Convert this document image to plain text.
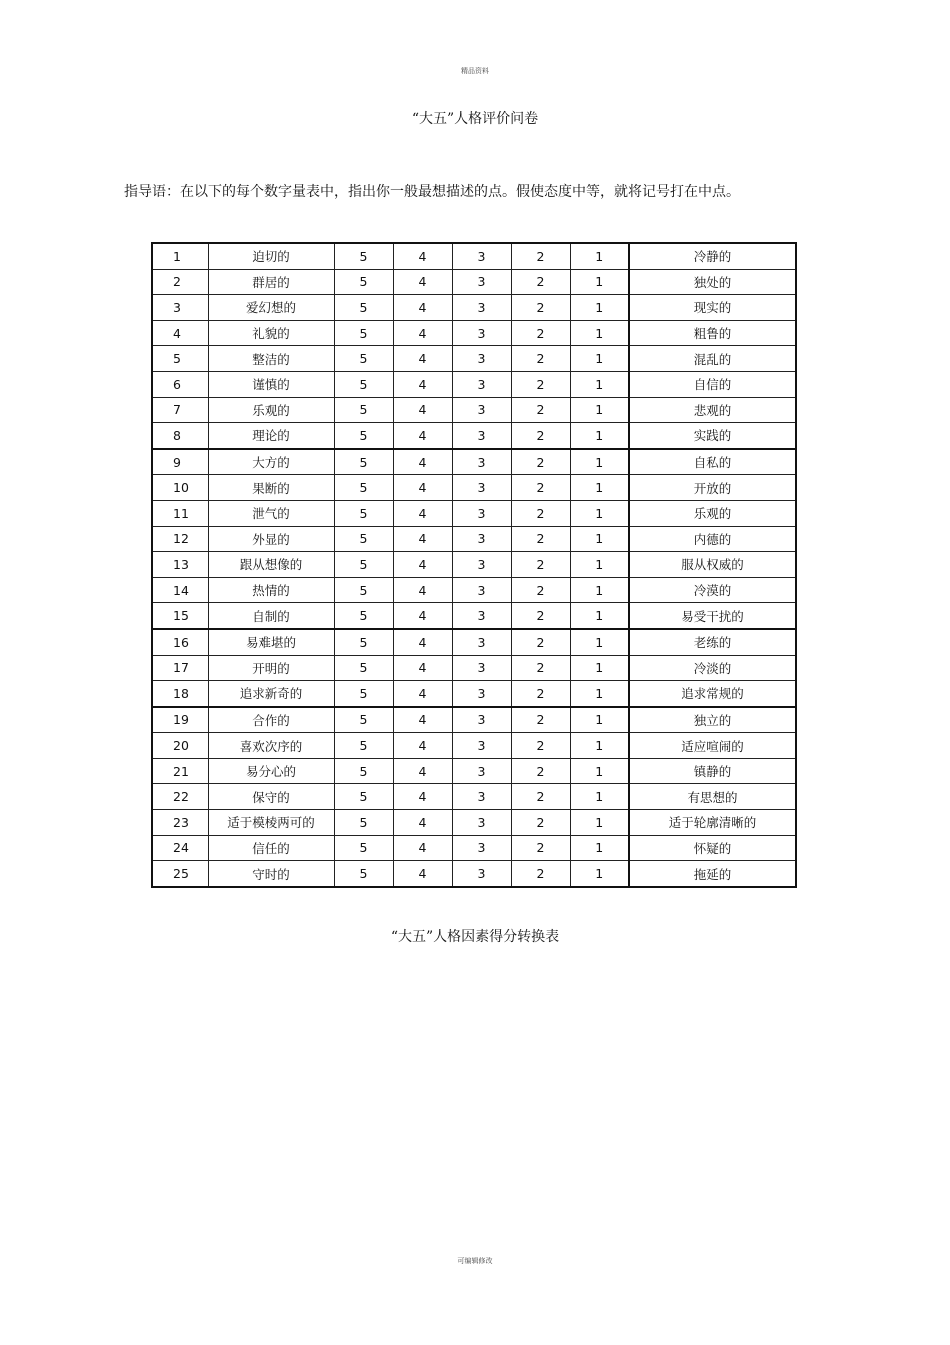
精品资料
“大五”人格评价问卷
指导语：在以下的每个数字量表中，指出你一般最想描述的点。假使态度中等，就将记号打在中点。
1	迫切的	5	4	3	2	1	冷静的
2	群居的	5	4	3	2	1	独处的
3	爱幻想的	5	4	3	2	1	现实的
4	礼貌的	5	4	3	2	1	粗鲁的
5	整洁的	5	4	3	2	1	混乱的
6	谨慎的	5	4	3	2	1	自信的
7	乐观的	5	4	3	2	1	悲观的
8	理论的	5	4	3	2	1	实践的
9	大方的	5	4	3	2	1	自私的
10	果断的	5	4	3	2	1	开放的
11	泄气的	5	4	3	2	1	乐观的
12	外显的	5	4	3	2	1	内德的
13	跟从想像的	5	4	3	2	1	服从权威的
14	热情的	5	4	3	2	1	冷漠的
15	自制的	5	4	3	2	1	易受干扰的
16	易难堪的	5	4	3	2	1	老练的
17	开明的	5	4	3	2	1	冷淡的
18	追求新奇的	5	4	3	2	1	追求常规的
19	合作的	5	4	3	2	1	独立的
20	喜欢次序的	5	4	3	2	1	适应喧闹的
21	易分心的	5	4	3	2	1	镇静的
22	保守的	5	4	3	2	1	有思想的
23	适于模棱两可的	5	4	3	2	1	适于轮廓清晰的
24	信任的	5	4	3	2	1	怀疑的
25	守时的	5	4	3	2	1	拖延的
“大五”人格因素得分转换表
可编辑修改
